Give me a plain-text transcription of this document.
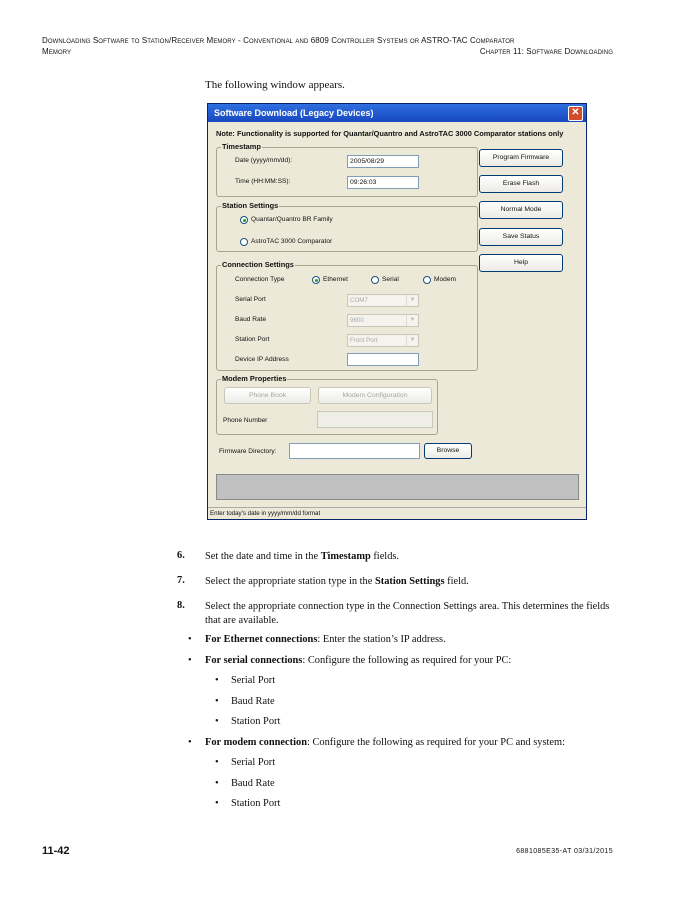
Downloading Software to Station/Receiver Memory - Conventional and 6809 Controller Systems or ASTRO-TAC Comparator
Memory	Chapter 11: Software Downloading
The following window appears.
Software Download (Legacy Devices)	✕
Note: Functionality is supported for Quantar/Quantro and AstroTAC 3000 Comparator stations only
Timestamp
Date (yyyy/mm/dd):	2005/08/29
Time (HH:MM:SS):	09:26:03
Station Settings
Quantar/Quantro BR Family
AstroTAC 3000 Comparator
Connection Settings
Connection Type	Ethernet	Serial	Modem
Serial Port	COM7	▼
Baud Rate	9600	▼
Station Port	Front Port	▼
Device IP Address
Modem Properties
Phone Book	Modem Configuration
Phone Number
Firmware Directory:	Browse
Program Firmware
Erase Flash
Normal Mode
Save Status
Help
Enter today's date in yyyy/mm/dd format
6. Set the date and time in the Timestamp fields.
7. Select the appropriate station type in the Station Settings field.
8. Select the appropriate connection type in the Connection Settings area. This determines the fields that are available.
• For Ethernet connections: Enter the station’s IP address.
• For serial connections: Configure the following as required for your PC:
• Serial Port
• Baud Rate
• Station Port
• For modem connection: Configure the following as required for your PC and system:
• Serial Port
• Baud Rate
• Station Port
11-42	6881085E35-AT 03/31/2015
